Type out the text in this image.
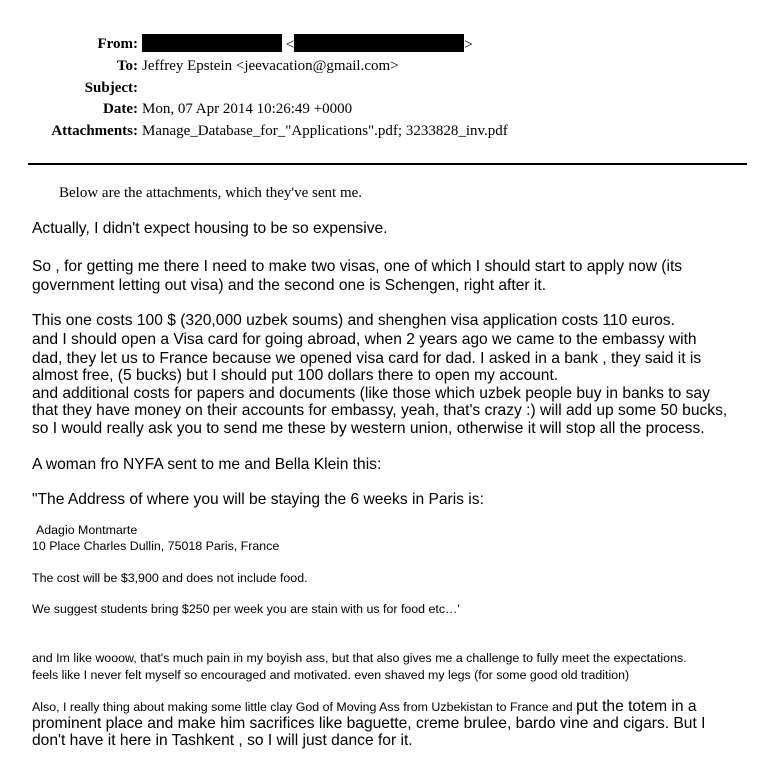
From:	<	>
To: Jeffrey Epstein <jeevacation@gmail.com>
Subject:
Date: Mon, 07 Apr 2014 10:26:49 +0000
Attachments: Manage_Database_for_"Applications".pdf; 3233828_inv.pdf
Below are the attachments, which they've sent me.
Actually, I didn't expect housing to be so expensive.
So , for getting me there I need to make two visas, one of which I should start to apply now (its
government letting out visa) and the second one is Schengen, right after it.
This one costs 100 $ (320,000 uzbek soums) and shenghen visa application costs 110 euros.
and I should open a Visa card for going abroad, when 2 years ago we came to the embassy with
dad, they let us to France because we opened visa card for dad. I asked in a bank , they said it is
almost free, (5 bucks) but I should put 100 dollars there to open my account.
and additional costs for papers and documents (like those which uzbek people buy in banks to say
that they have money on their accounts for embassy, yeah, that's crazy :) will add up some 50 bucks,
so I would really ask you to send me these by western union, otherwise it will stop all the process.
A woman fro NYFA sent to me and Bella Klein this:
"The Address of where you will be staying the 6 weeks in Paris is:
Adagio Montmarte
10 Place Charles Dullin, 75018 Paris, France
The cost will be $3,900 and does not include food.
We suggest students bring $250 per week you are stain with us for food etc…'
and Im like wooow, that's much pain in my boyish ass, but that also gives me a challenge to fully meet the expectations.
feels like I never felt myself so encouraged and motivated. even shaved my legs (for some good old tradition)
Also, I really thing about making some little clay God of Moving Ass from Uzbekistan to France and put the totem in a
prominent place and make him sacrifices like baguette, creme brulee, bardo vine and cigars. But I
don't have it here in Tashkent , so I will just dance for it.
